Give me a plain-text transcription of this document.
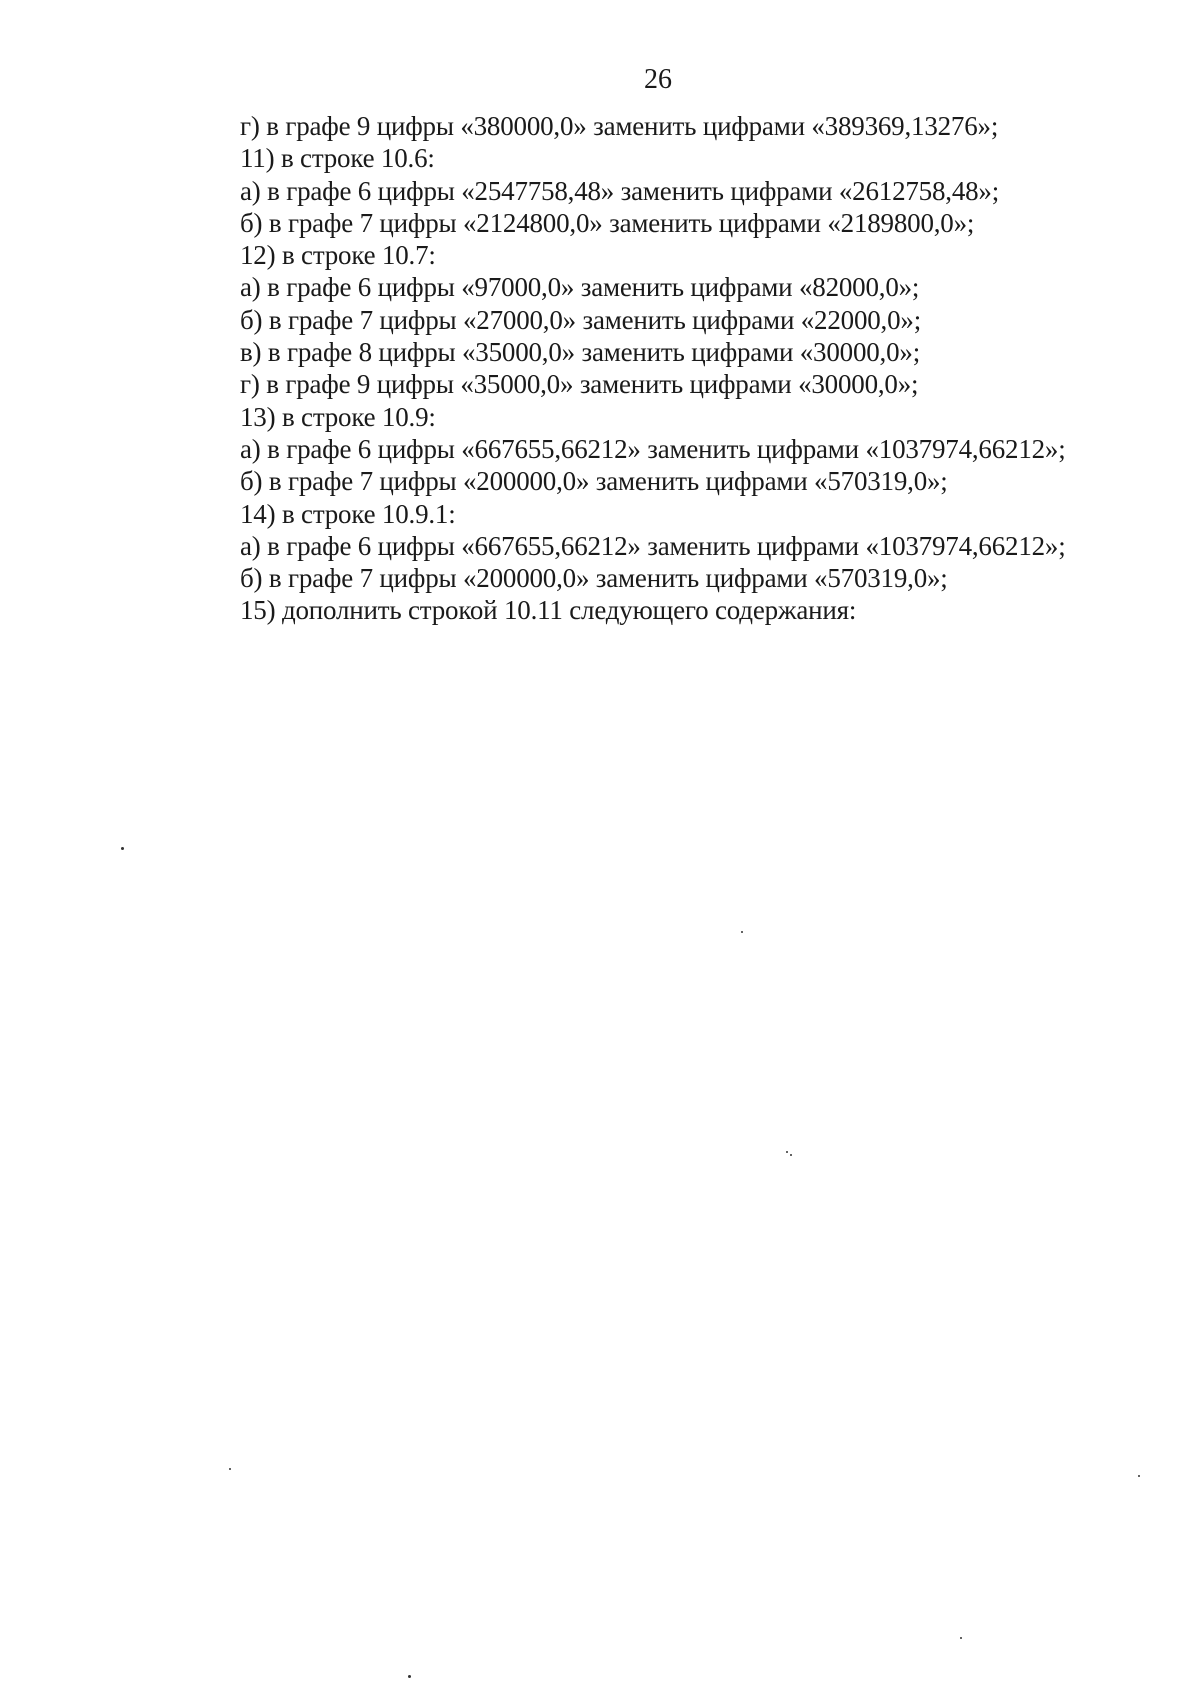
26
г) в графе 9 цифры «380000,0» заменить цифрами «389369,13276»;
11) в строке 10.6:
а) в графе 6 цифры «2547758,48» заменить цифрами «2612758,48»;
б) в графе 7 цифры «2124800,0» заменить цифрами «2189800,0»;
12) в строке 10.7:
а) в графе 6 цифры «97000,0» заменить цифрами «82000,0»;
б) в графе 7 цифры «27000,0» заменить цифрами «22000,0»;
в) в графе 8 цифры «35000,0» заменить цифрами «30000,0»;
г) в графе 9 цифры «35000,0» заменить цифрами «30000,0»;
13) в строке 10.9:
а) в графе 6 цифры «667655,66212» заменить цифрами «1037974,66212»;
б) в графе 7 цифры «200000,0» заменить цифрами «570319,0»;
14) в строке 10.9.1:
а) в графе 6 цифры «667655,66212» заменить цифрами «1037974,66212»;
б) в графе 7 цифры «200000,0» заменить цифрами «570319,0»;
15) дополнить строкой 10.11 следующего содержания:
